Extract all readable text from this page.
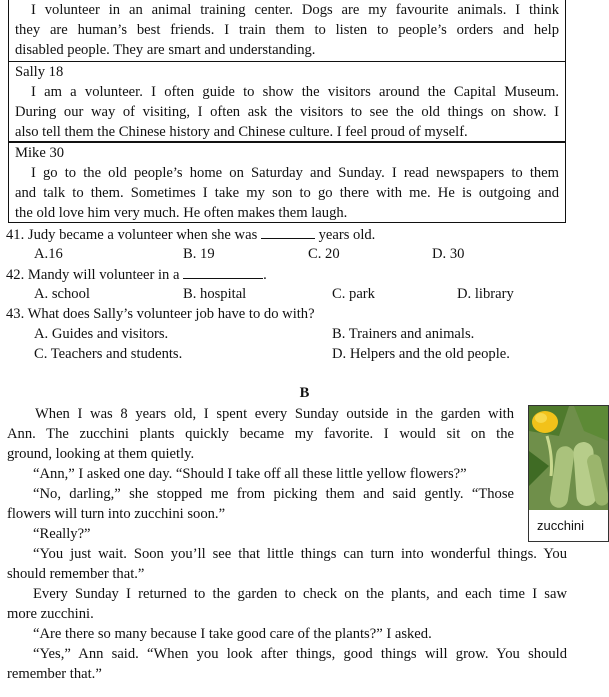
I volunteer in an animal training center. Dogs are my favourite animals. I think
they are human’s best friends. I train them to listen to people’s orders and help
disabled people. They are smart and understanding.
Sally 18
I am a volunteer. I often guide to show the visitors around the Capital Museum.
During our way of visiting, I often ask the visitors to see the old things on show. I
also tell them the Chinese history and Chinese culture. I feel proud of myself.
Mike 30
I go to the old people’s home on Saturday and Sunday. I read newspapers to them
and talk to them. Sometimes I take my son to go there with me. He is outgoing and
the old love him very much. He often makes them laugh.
41. Judy became a volunteer when she was	years old.
A.16	B. 19	C. 20	D. 30
42. Mandy will volunteer in a	.
A. school	B. hospital	C. park	D. library
43. What does Sally’s volunteer job have to do with?
A. Guides and visitors.	B. Trainers and animals.
C. Teachers and students.	D. Helpers and the old people.
B
When I was 8 years old, I spent every Sunday outside in the garden with
Ann. The zucchini plants quickly became my favorite. I would sit on the
ground, looking at them quietly.
“Ann,” I asked one day. “Should I take off all these little yellow flowers?”
“No, darling,” she stopped me from picking them and said gently. “Those
flowers will turn into zucchini soon.”
“Really?”
“You just wait. Soon you’ll see that little things can turn into wonderful things. You
should remember that.”
Every Sunday I returned to the garden to check on the plants, and each time I saw
more zucchini.
“Are there so many because I take good care of the plants?” I asked.
“Yes,” Ann said. “When you look after things, good things will grow. You should
remember that.”
zucchini
